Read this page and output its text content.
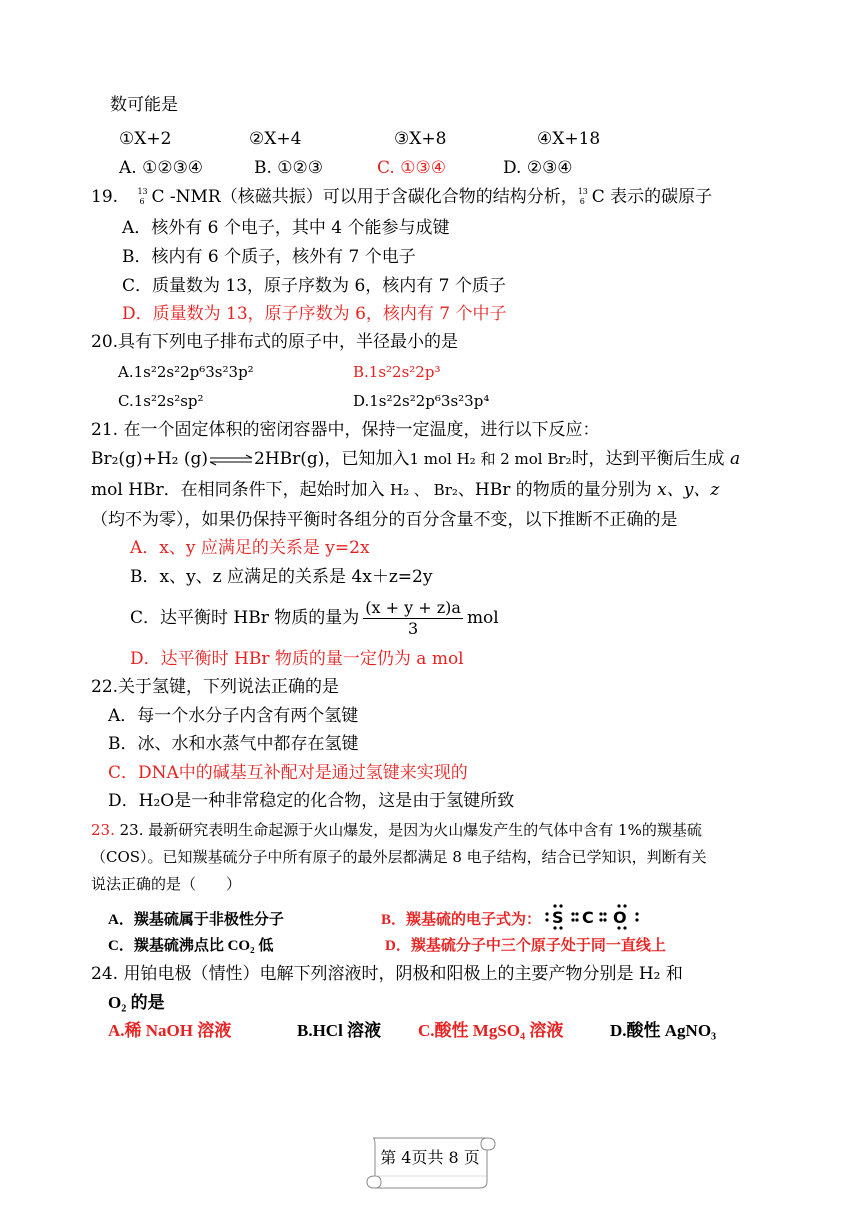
数可能是
①X+2	②X+4	③X+8	④X+18
A. ①②③④	B. ①②③	C. ①③④	D. ②③④
19. 13
6 C -NMR（核磁共振）可以用于含碳化合物的结构分析， 13
6 C 表示的碳原子
A．核外有 6 个电子，其中 4 个能参与成键
B．核内有 6 个质子，核外有 7 个电子
C．质量数为 13，原子序数为 6，核内有 7 个质子
D．质量数为 13，原子序数为 6，核内有 7 个中子
20.具有下列电子排布式的原子中，半径最小的是
A.1s²2s²2p⁶3s²3p²	B.1s²2s²2p³
C.1s²2s²sp²	D.1s²2s²2p⁶3s²3p⁴
21. 在一个固定体积的密闭容器中，保持一定温度，进行以下反应：
Br₂(g)+H₂ (g)⇌2HBr(g)，已知加入1 mol H₂ 和 2 mol Br₂时，达到平衡后生成 a
mol HBr．在相同条件下，起始时加入 H₂ 、 Br₂、HBr 的物质的量分别为 x、y、z
（均不为零），如果仍保持平衡时各组分的百分含量不变，以下推断不正确的是
A．x、y 应满足的关系是 y=2x
B．x、y、z 应满足的关系是 4x＋z=2y
C．达平衡时 HBr 物质的量为 $\frac{(x + y + z)a}{3}$ mol
D．达平衡时 HBr 物质的量一定仍为 a mol
22.关于氢键，下列说法正确的是
A．每一个水分子内含有两个氢键
B．冰、水和水蒸气中都存在氢键
C．DNA中的碱基互补配对是通过氢键来实现的
D．H₂O是一种非常稳定的化合物，这是由于氢键所致
23. 23. 最新研究表明生命起源于火山爆发，是因为火山爆发产生的气体中含有 1%的羰基硫
（COS）。已知羰基硫分子中所有原子的最外层都满足 8 电子结构，结合已学知识，判断有关
说法正确的是（　　）
A．羰基硫属于非极性分子	B．羰基硫的电子式为： S C O
C．羰基硫沸点比 CO₂ 低	D．羰基硫分子中三个原子处于同一直线上
24. 用铂电极（情性）电解下列溶液时，阴极和阳极上的主要产物分别是 H₂ 和
O₂ 的是
A.稀 NaOH 溶液	B.HCl 溶液 C.酸性 MgSO₄ 溶液	D.酸性 AgNO₃
第 4页共 8 页
